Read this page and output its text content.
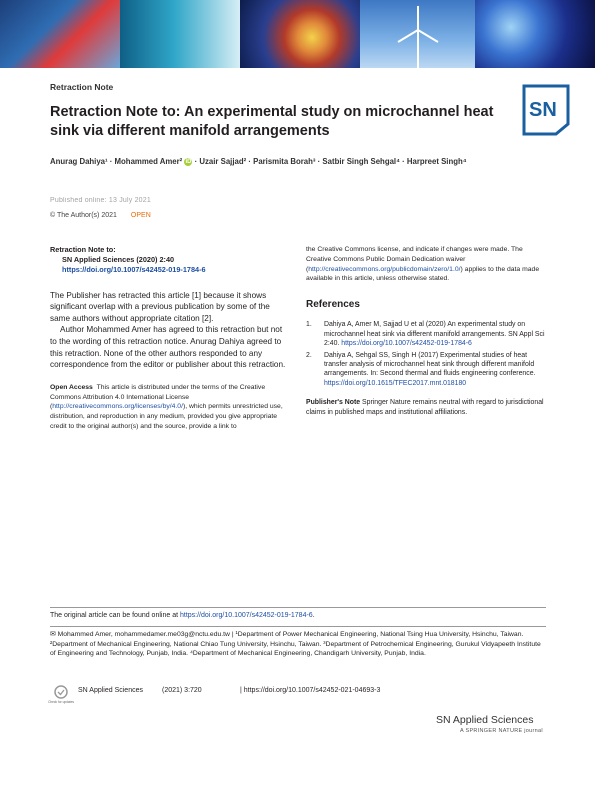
Retraction Note
SN
Retraction Note to: An experimental study on microchannel heat sink via different manifold arrangements
Anurag Dahiya¹ · Mohammed Amer² iD · Uzair Sajjad² · Parismita Borah³ · Satbir Singh Sehgal⁴ · Harpreet Singh⁴
Published online: 13 July 2021
© The Author(s) 2021 OPEN
Retraction Note to:
SN Applied Sciences (2020) 2:40
https://doi.org/10.1007/s42452-019-1784-6

The Publisher has retracted this article [1] because it shows significant overlap with a previous publication by some of the same authors without appropriate citation [2].

Author Mohammed Amer has agreed to this retraction but not to the wording of this retraction notice. Anurag Dahiya agreed to this retraction. None of the other authors responded to any correspondence from the editor or publisher about this retraction.

Open Access This article is distributed under the terms of the Creative Commons Attribution 4.0 International License (http://creativecommons.org/licenses/by/4.0/), which permits unrestricted use, distribution, and reproduction in any medium, provided you give appropriate credit to the original author(s) and the source, provide a link to
the Creative Commons license, and indicate if changes were made. The Creative Commons Public Domain Dedication waiver (http://creativecommons.org/publicdomain/zero/1.0/) applies to the data made available in this article, unless otherwise stated.
References
1.	Dahiya A, Amer M, Sajjad U et al (2020) An experimental study on microchannel heat sink via different manifold arrangements. SN Appl Sci 2:40. https://doi.org/10.1007/s42452-019-1784-6
2.	Dahiya A, Sehgal SS, Singh H (2017) Experimental studies of heat transfer analysis of microchannel heat sink through different manifold arrangements. In: Second thermal and fluids engineering conference. https://doi.org/10.1615/TFEC2017.mnt.018180
Publisher's Note Springer Nature remains neutral with regard to jurisdictional claims in published maps and institutional affiliations.
The original article can be found online at https://doi.org/10.1007/s42452-019-1784-6.
✉ Mohammed Amer, mohammedamer.me03g@nctu.edu.tw | ¹Department of Power Mechanical Engineering, National Tsing Hua University, Hsinchu, Taiwan. ²Department of Mechanical Engineering, National Chiao Tung University, Hsinchu, Taiwan. ³Department of Petrochemical Engineering, Gurukul Vidyapeeth Institute of Engineering and Technology, Punjab, India. ⁴Department of Mechanical Engineering, Chandigarh University, Punjab, India.
Check for updates
SN Applied Sciences	(2021) 3:720	| https://doi.org/10.1007/s42452-021-04693-3
SN Applied Sciences
A SPRINGER NATURE journal
